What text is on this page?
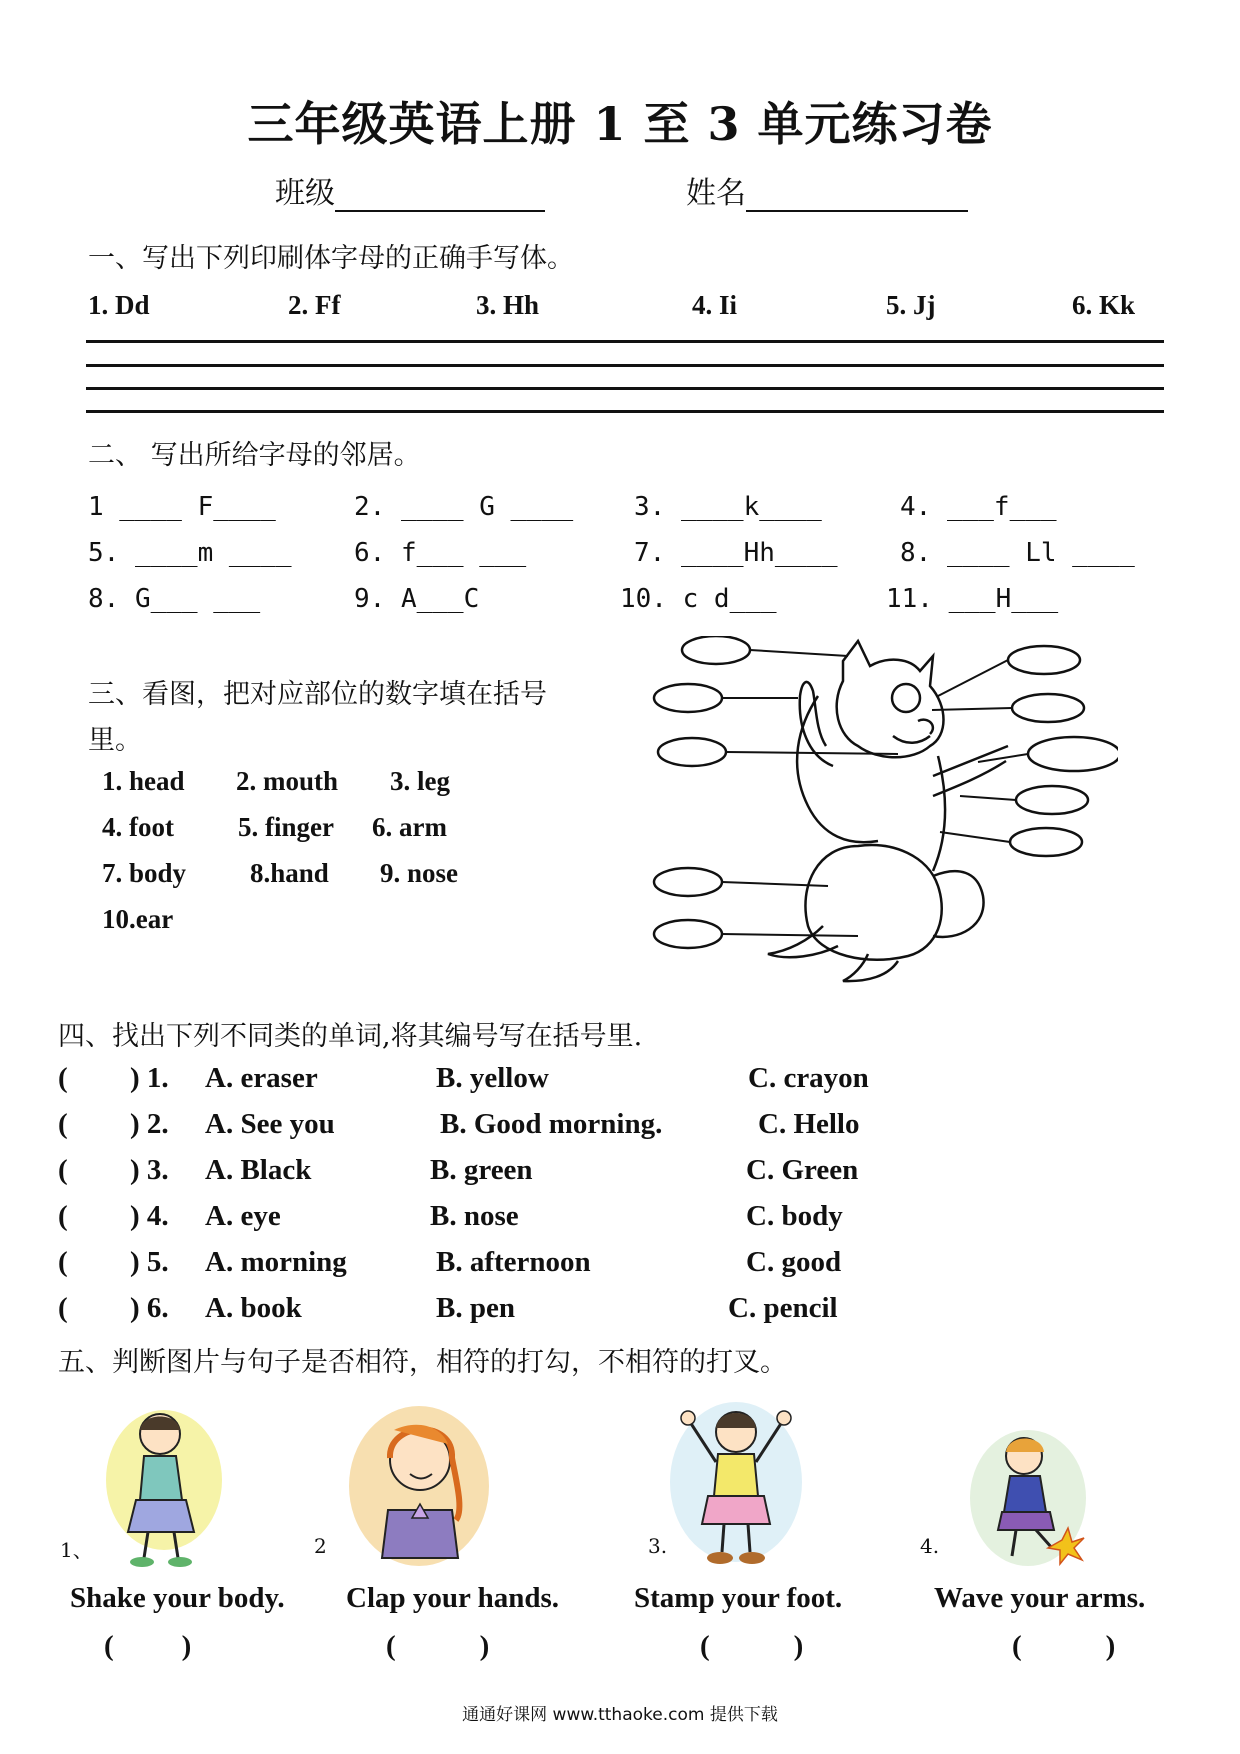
三年级英语上册 1 至 3 单元练习卷
班级	姓名
一、写出下列印刷体字母的正确手写体。
1. Dd	2. Ff	3. Hh	4. Ii	5. Jj	6. Kk
二、 写出所给字母的邻居。
1 ____ F____	2. ____ G ____ 3. ____k____	4. ___f___
5. ____m ____ 6. f___ ___	7. ____Hh____ 8. ____ Ll ____
8. G___ ___	9. A___C	10. c d___	11. ___H___
三、看图，把对应部位的数字填在括号
里。
1. head 2. mouth 3. leg
4. foot 5. finger 6. arm
7. body 8.hand 9. nose
10.ear
四、找出下列不同类的单词,将其编号写在括号里.
( ) 1. A. eraser	B. yellow	C. crayon
( ) 2. A. See you	B. Good morning.	C. Hello
( ) 3. A. Black	B. green	C. Green
( ) 4. A. eye	B. nose	C. body
( ) 5. A. morning	B. afternoon	C. good
( ) 6. A. book	B. pen	C. pencil
五、判断图片与句子是否相符，相符的打勾，不相符的打叉。
1、	2	3.	4.
Shake your body. Clap your hands.	Stamp your foot.	Wave your arms.
( )	(	)	(	)	(	)
通通好课网 www.tthaoke.com 提供下载
